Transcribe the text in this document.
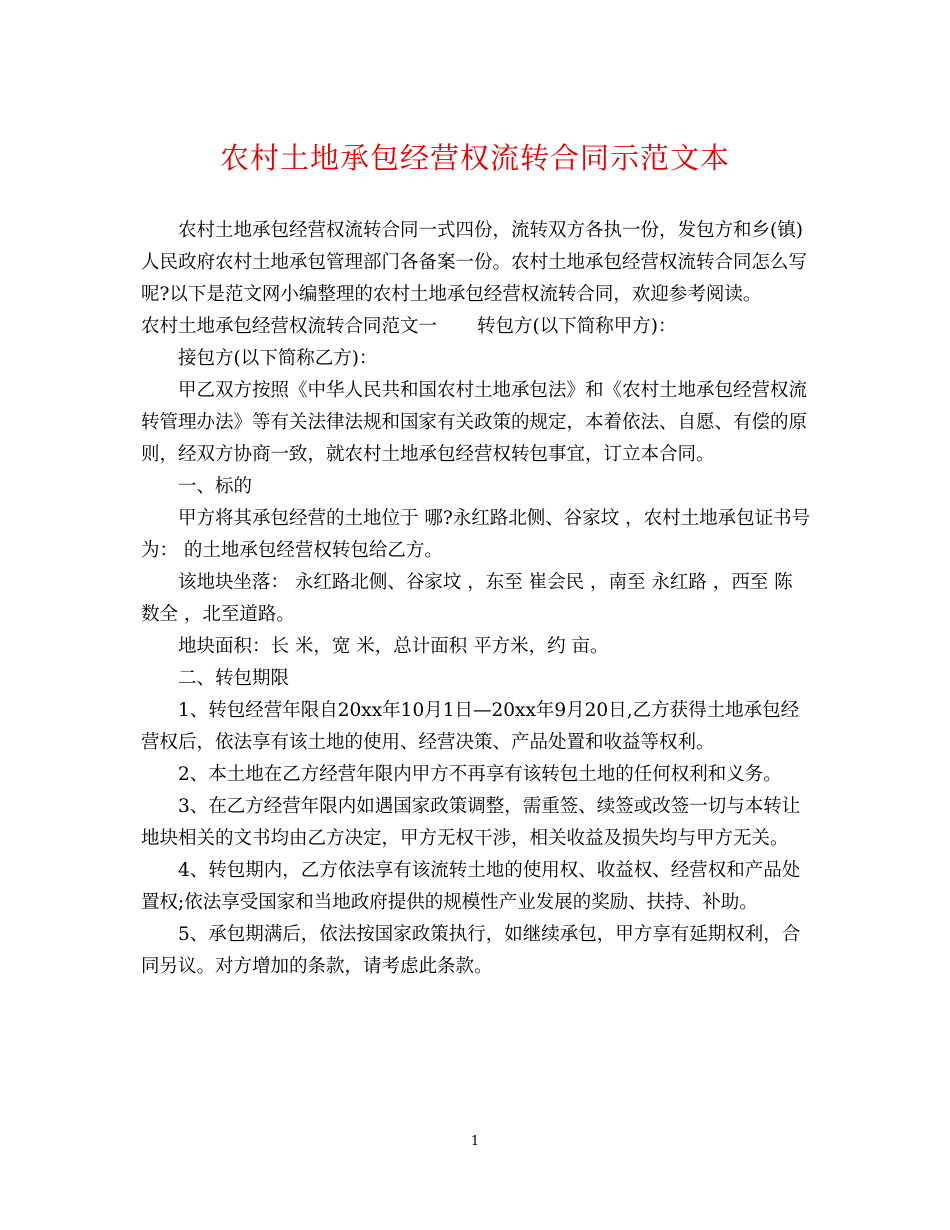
农村土地承包经营权流转合同示范文本

农村土地承包经营权流转合同一式四份，流转双方各执一份，发包方和乡(镇)人民政府农村土地承包管理部门各备案一份。农村土地承包经营权流转合同怎么写呢?以下是范文网小编整理的农村土地承包经营权流转合同，欢迎参考阅读。

农村土地承包经营权流转合同范文一 转包方(以下简称甲方)：

接包方(以下简称乙方)：

甲乙双方按照《中华人民共和国农村土地承包法》和《农村土地承包经营权流转管理办法》等有关法律法规和国家有关政策的规定，本着依法、自愿、有偿的原则，经双方协商一致，就农村土地承包经营权转包事宜，订立本合同。

一、标的

甲方将其承包经营的土地位于 哪?永红路北侧、谷家坟 ，农村土地承包证书号为： 的土地承包经营权转包给乙方。

该地块坐落： 永红路北侧、谷家坟 ，东至 崔会民 ，南至 永红路 ，西至 陈数全 ，北至道路。

地块面积：长 米，宽 米，总计面积 平方米，约 亩。

二、转包期限

1、转包经营年限自20xx年10月1日—20xx年9月20日,乙方获得土地承包经营权后，依法享有该土地的使用、经营决策、产品处置和收益等权利。

2、本土地在乙方经营年限内甲方不再享有该转包土地的任何权利和义务。

3、在乙方经营年限内如遇国家政策调整，需重签、续签或改签一切与本转让地块相关的文书均由乙方决定，甲方无权干涉，相关收益及损失均与甲方无关。

4、转包期内，乙方依法享有该流转土地的使用权、收益权、经营权和产品处置权;依法享受国家和当地政府提供的规模性产业发展的奖励、扶持、补助。

5、承包期满后，依法按国家政策执行，如继续承包，甲方享有延期权利，合同另议。对方增加的条款，请考虑此条款。

1
